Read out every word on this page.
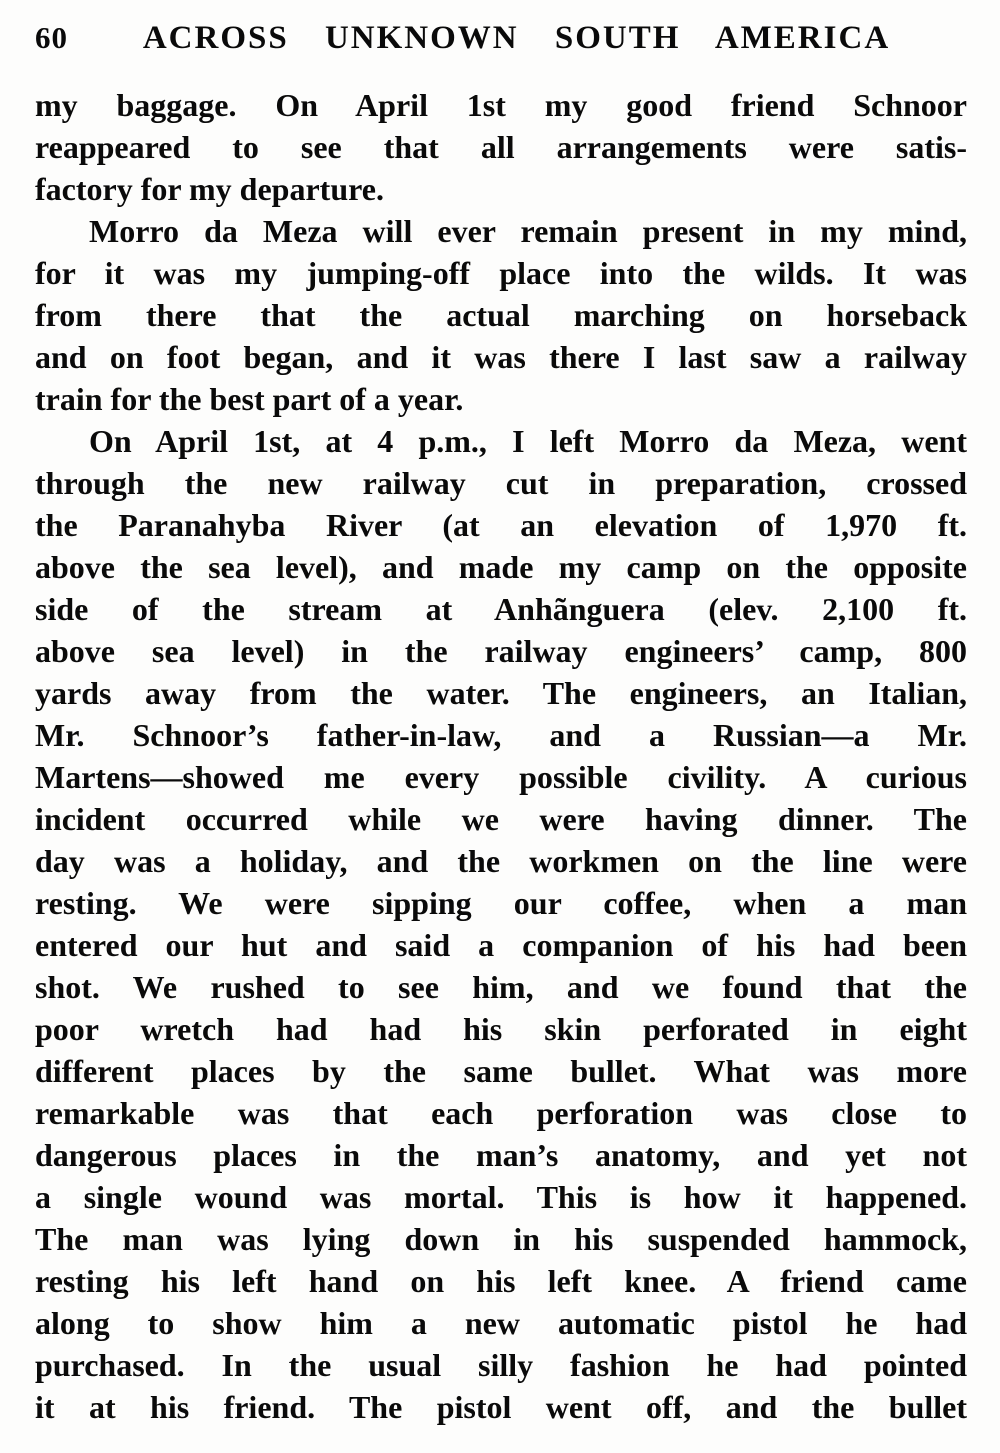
60	ACROSS UNKNOWN SOUTH AMERICA
my baggage. On April 1st my good friend Schnoor
reappeared to see that all arrangements were satis-
factory for my departure.
Morro da Meza will ever remain present in my mind,
for it was my jumping-off place into the wilds. It was
from there that the actual marching on horseback
and on foot began, and it was there I last saw a railway
train for the best part of a year.
On April 1st, at 4 p.m., I left Morro da Meza, went
through the new railway cut in preparation, crossed
the Paranahyba River (at an elevation of 1,970 ft.
above the sea level), and made my camp on the opposite
side of the stream at Anhãnguera (elev. 2,100 ft.
above sea level) in the railway engineers’ camp, 800
yards away from the water. The engineers, an Italian,
Mr. Schnoor’s father-in-law, and a Russian—a Mr.
Martens—showed me every possible civility. A curious
incident occurred while we were having dinner. The
day was a holiday, and the workmen on the line were
resting. We were sipping our coffee, when a man
entered our hut and said a companion of his had been
shot. We rushed to see him, and we found that the
poor wretch had had his skin perforated in eight
different places by the same bullet. What was more
remarkable was that each perforation was close to
dangerous places in the man’s anatomy, and yet not
a single wound was mortal. This is how it happened.
The man was lying down in his suspended hammock,
resting his left hand on his left knee. A friend came
along to show him a new automatic pistol he had
purchased. In the usual silly fashion he had pointed
it at his friend. The pistol went off, and the bullet
